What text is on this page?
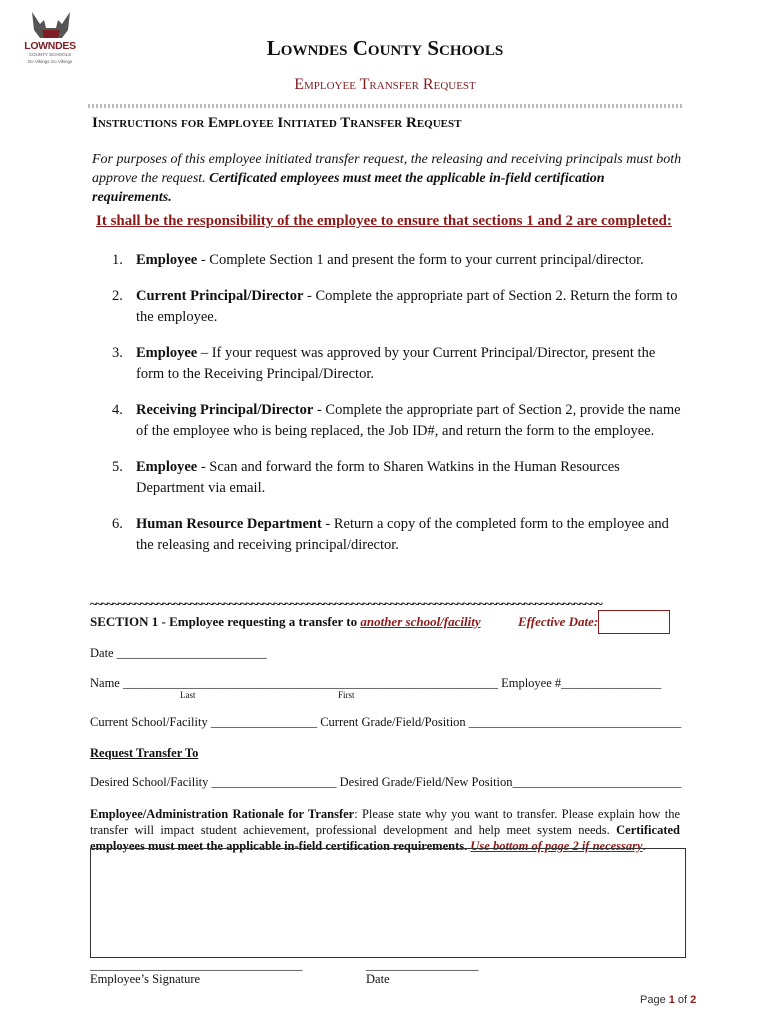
LOWNDES
COUNTY SCHOOLS
Go Vikings Go Vikings
Lowndes County Schools
Employee Transfer Request
Instructions for Employee Initiated Transfer Request
For purposes of this employee initiated transfer request, the releasing and receiving principals must both approve the request. Certificated employees must meet the applicable in-field certification requirements.
It shall be the responsibility of the employee to ensure that sections 1 and 2 are completed:
1. Employee - Complete Section 1 and present the form to your current principal/director.
2. Current Principal/Director - Complete the appropriate part of Section 2. Return the form to the employee.
3. Employee – If your request was approved by your Current Principal/Director, present the form to the Receiving Principal/Director.
4. Receiving Principal/Director - Complete the appropriate part of Section 2, provide the name of the employee who is being replaced, the Job ID#, and return the form to the employee.
5. Employee - Scan and forward the form to Sharen Watkins in the Human Resources Department via email.
6. Human Resource Department - Return a copy of the completed form to the employee and the releasing and receiving principal/director.
~~~~~~~~~~~~~~~~~~~~~~~~~~~~~~~~~~~~~~~~~~~~~~~~~~~~~~~~~~~~~~~~~~~~~~~~~~~~~~~~~~~~~~~~~~~~
SECTION 1 - Employee requesting a transfer to another school/facility	Effective Date:
Date ________________________
Name ____________________________________________________________ Employee #________________
Last	First
Current School/Facility _________________ Current Grade/Field/Position __________________________________
Request Transfer To
Desired School/Facility ____________________ Desired Grade/Field/New Position___________________________
Employee/Administration Rationale for Transfer: Please state why you want to transfer. Please explain how the transfer will impact student achievement, professional development and help meet system needs. Certificated employees must meet the applicable in-field certification requirements. Use bottom of page 2 if necessary.
__________________________________
Employee’s Signature
__________________
Date
Page 1 of 2
